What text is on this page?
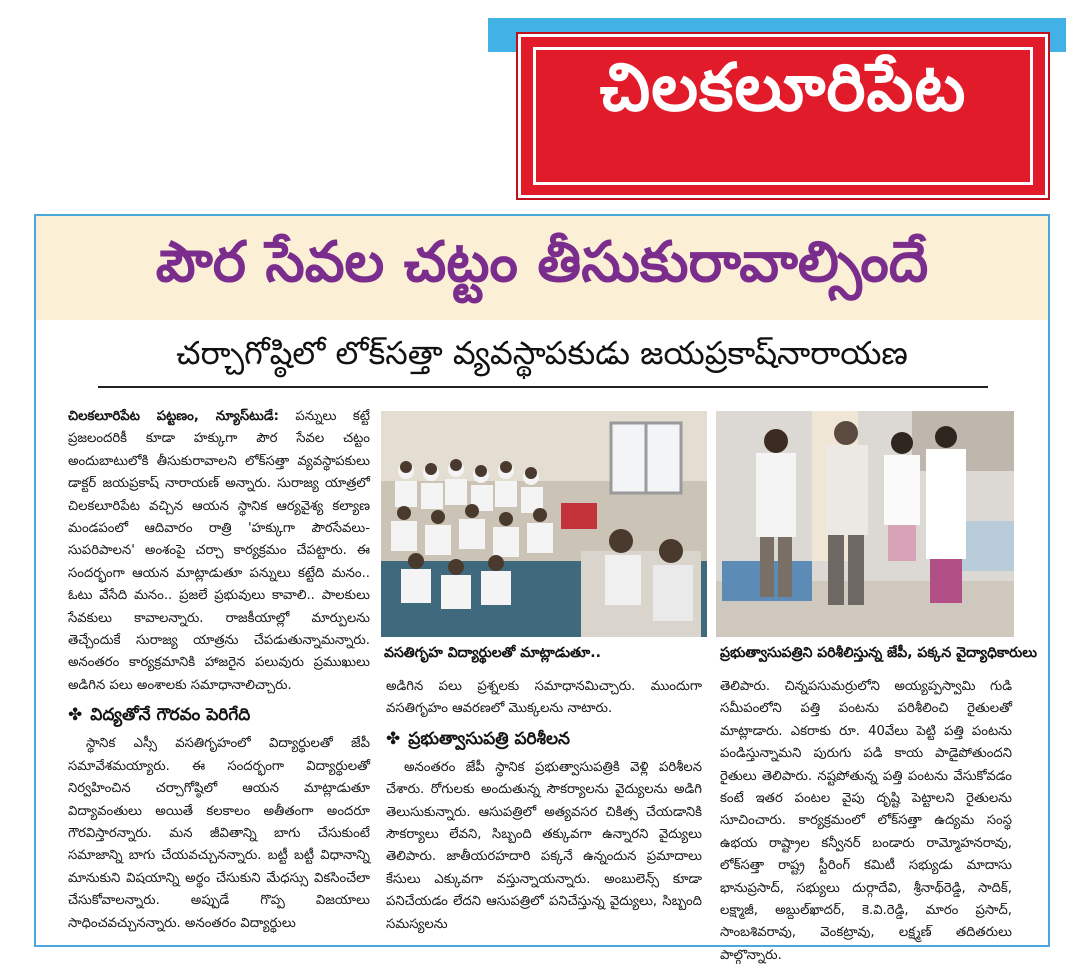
చిలకలూరిపేట
పౌర సేవల చట్టం తీసుకురావాల్సిందే
చర్చాగోష్ఠిలో లోక్‌సత్తా వ్యవస్థాపకుడు జయప్రకాష్‌నారాయణ

చిలకలూరిపేట పట్టణం, న్యూస్‌టుడే: పన్నులు కట్టే ప్రజలందరికీ కూడా హక్కుగా పౌర సేవల చట్టం అందుబాటులోకి తీసుకురావాలని లోక్‌సత్తా వ్యవస్థాపకులు డాక్టర్ జయప్రకాష్ నారాయణ్ అన్నారు. సురాజ్య యాత్రలో చిలకలూరిపేట వచ్చిన ఆయన స్థానిక ఆర్యవైశ్య కల్యాణ మండపంలో ఆదివారం రాత్రి 'హక్కుగా పౌరసేవలు- సుపరిపాలన' అంశంపై చర్చా కార్యక్రమం చేపట్టారు. ఈ సందర్భంగా ఆయన మాట్లాడుతూ పన్నులు కట్టేది మనం.. ఓటు వేసేది మనం.. ప్రజలే ప్రభువులు కావాలి.. పాలకులు సేవకులు కావాలన్నారు. రాజకీయాల్లో మార్పులను తెచ్చేందుకే సురాజ్య యాత్రను చేపడుతున్నామన్నారు. అనంతరం కార్యక్రమానికి హాజరైన పలువురు ప్రముఖులు అడిగిన పలు అంశాలకు సమాధానాలిచ్చారు.

✤ విద్యతోనే గౌరవం పెరిగేది

స్థానిక ఎస్సీ వసతిగృహంలో విద్యార్థులతో జేపీ సమావేశమయ్యారు. ఈ సందర్భంగా విద్యార్థులతో నిర్వహించిన చర్చాగోష్ఠిలో ఆయన మాట్లాడుతూ విద్యావంతులు అయితే కలకాలం అతీతంగా అందరూ గౌరవిస్తారన్నారు. మన జీవితాన్ని బాగు చేసుకుంటే సమాజాన్ని బాగు చేయవచ్చునన్నారు. బట్టీ బట్టీ విధానాన్ని మానుకుని విషయాన్ని అర్థం చేసుకుని మేధస్సు వికసించేలా చేసుకోవాలన్నారు. అప్పుడే గొప్ప విజయాలు సాధించవచ్చునన్నారు. అనంతరం విద్యార్థులు

వసతిగృహ విద్యార్థులతో మాట్లాడుతూ..	ప్రభుత్వాసుపత్రిని పరిశీలిస్తున్న జేపీ, పక్కన వైద్యాధికారులు

అడిగిన పలు ప్రశ్నలకు సమాధానమిచ్చారు. ముందుగా వసతిగృహం ఆవరణలో మొక్కలను నాటారు.

✤ ప్రభుత్వాసుపత్రి పరిశీలన

అనంతరం జేపీ స్థానిక ప్రభుత్వాసుపత్రికి వెళ్లి పరిశీలన చేశారు. రోగులకు అందుతున్న సౌకర్యాలను వైద్యులను అడిగి తెలుసుకున్నారు. ఆసుపత్రిలో అత్యవసర చికిత్స చేయడానికి సౌకర్యాలు లేవని, సిబ్బంది తక్కువగా ఉన్నారని వైద్యులు తెలిపారు. జాతీయరహదారి పక్కనే ఉన్నందున ప్రమాదాలు కేసులు ఎక్కువగా వస్తున్నాయన్నారు. అంబులెన్స్ కూడా పనిచేయడం లేదని ఆసుపత్రిలో పనిచేస్తున్న వైద్యులు, సిబ్బంది సమస్యలను

తెలిపారు. చిన్నపసుమర్రులోని అయ్యప్పస్వామి గుడి సమీపంలోని పత్తి పంటను పరిశీలించి రైతులతో మాట్లాడారు. ఎకరాకు రూ. 40వేలు పెట్టి పత్తి పంటను పండిస్తున్నామని పురుగు పడి కాయ పాడైపోతుందని రైతులు తెలిపారు. నష్టపోతున్న పత్తి పంటను వేసుకోవడం కంటే ఇతర పంటల వైపు దృష్టి పెట్టాలని రైతులను సూచించారు. కార్యక్రమంలో లోక్‌సత్తా ఉద్యమ సంస్థ ఉభయ రాష్ట్రాల కన్వీనర్ బండారు రామ్మోహనరావు, లోక్‌సత్తా రాష్ట్ర స్టీరింగ్ కమిటీ సభ్యుడు మాదాసు భానుప్రసాద్, సభ్యులు దుర్గాదేవి, శ్రీనాథ్‌రెడ్డి, సాదిక్, లక్ష్మాజీ, అబ్దుల్‌ఖాదర్, కె.వి.రెడ్డి, మారం ప్రసాద్, సాంబశివరావు, వెంకట్రావు, లక్ష్మణ్ తదితరులు పాల్గొన్నారు.
